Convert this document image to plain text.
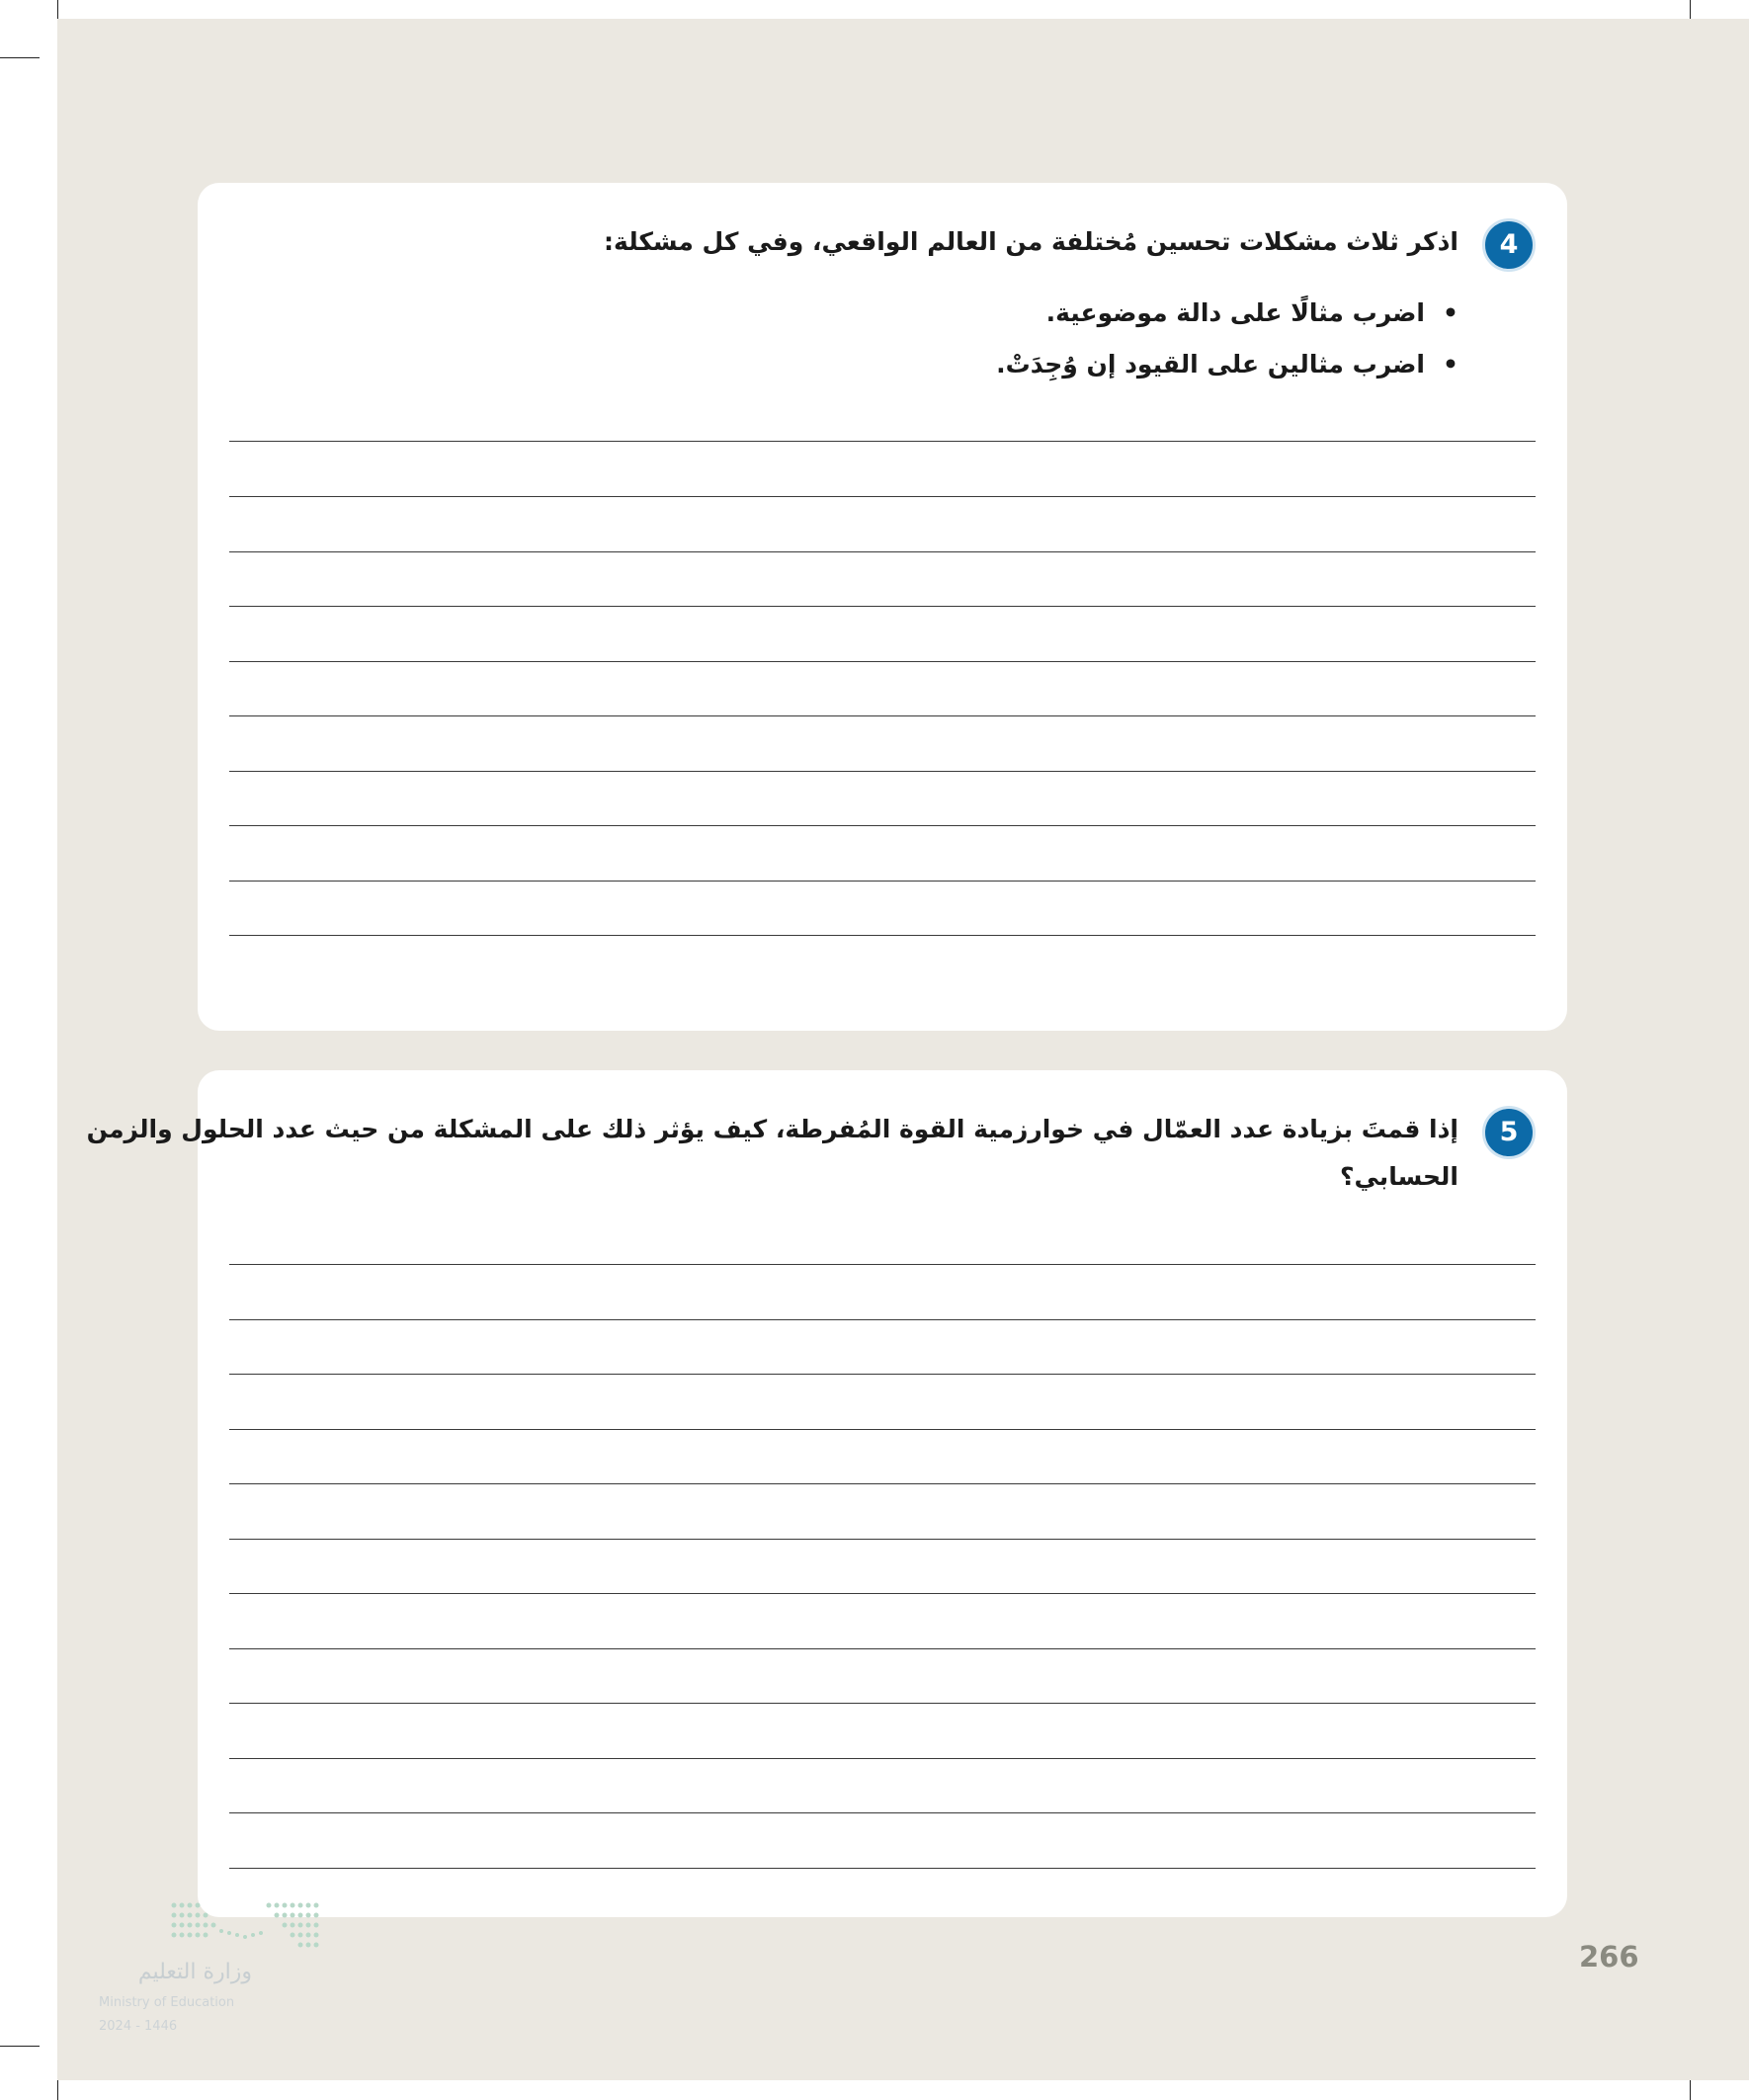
4
اذكر ثلاث مشكلات تحسين مُختلفة من العالم الواقعي، وفي كل مشكلة:
• اضرب مثالًا على دالة موضوعية.
• اضرب مثالين على القيود إن وُجِدَتْ.
5
إذا قمتَ بزيادة عدد العمّال في خوارزمية القوة المُفرطة، كيف يؤثر ذلك على المشكلة من حيث عدد الحلول والزمن
الحسابي؟
وزارة التعليم
Ministry of Education
2024 - 1446
266
